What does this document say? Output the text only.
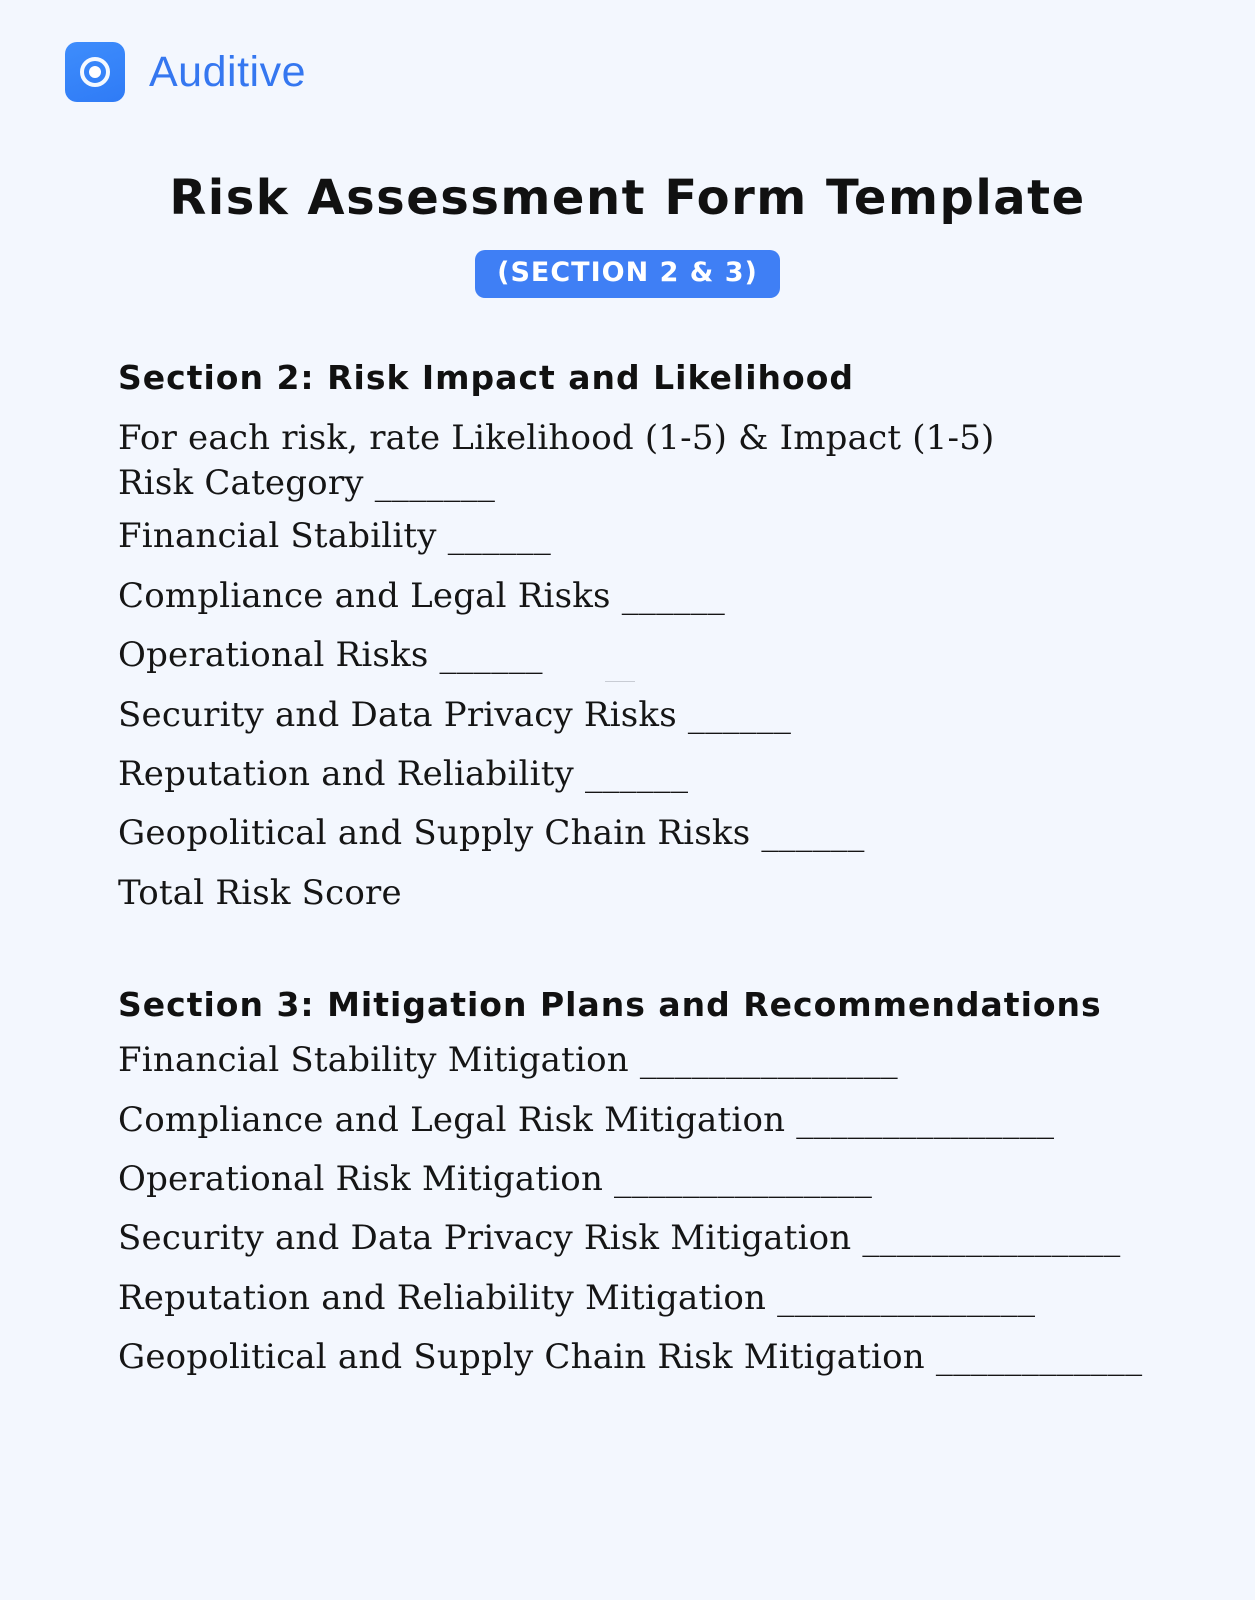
Auditive
Risk Assessment Form Template
(SECTION 2 & 3)
Section 2: Risk Impact and Likelihood

For each risk, rate Likelihood (1-5) & Impact (1-5)

Risk Category _______

Financial Stability ______

Compliance and Legal Risks ______

Operational Risks ______

Security and Data Privacy Risks ______

Reputation and Reliability ______

Geopolitical and Supply Chain Risks ______

Total Risk Score

Section 3: Mitigation Plans and Recommendations

Financial Stability Mitigation _______________

Compliance and Legal Risk Mitigation _______________

Operational Risk Mitigation _______________

Security and Data Privacy Risk Mitigation _______________

Reputation and Reliability Mitigation _______________

Geopolitical and Supply Chain Risk Mitigation ____________
